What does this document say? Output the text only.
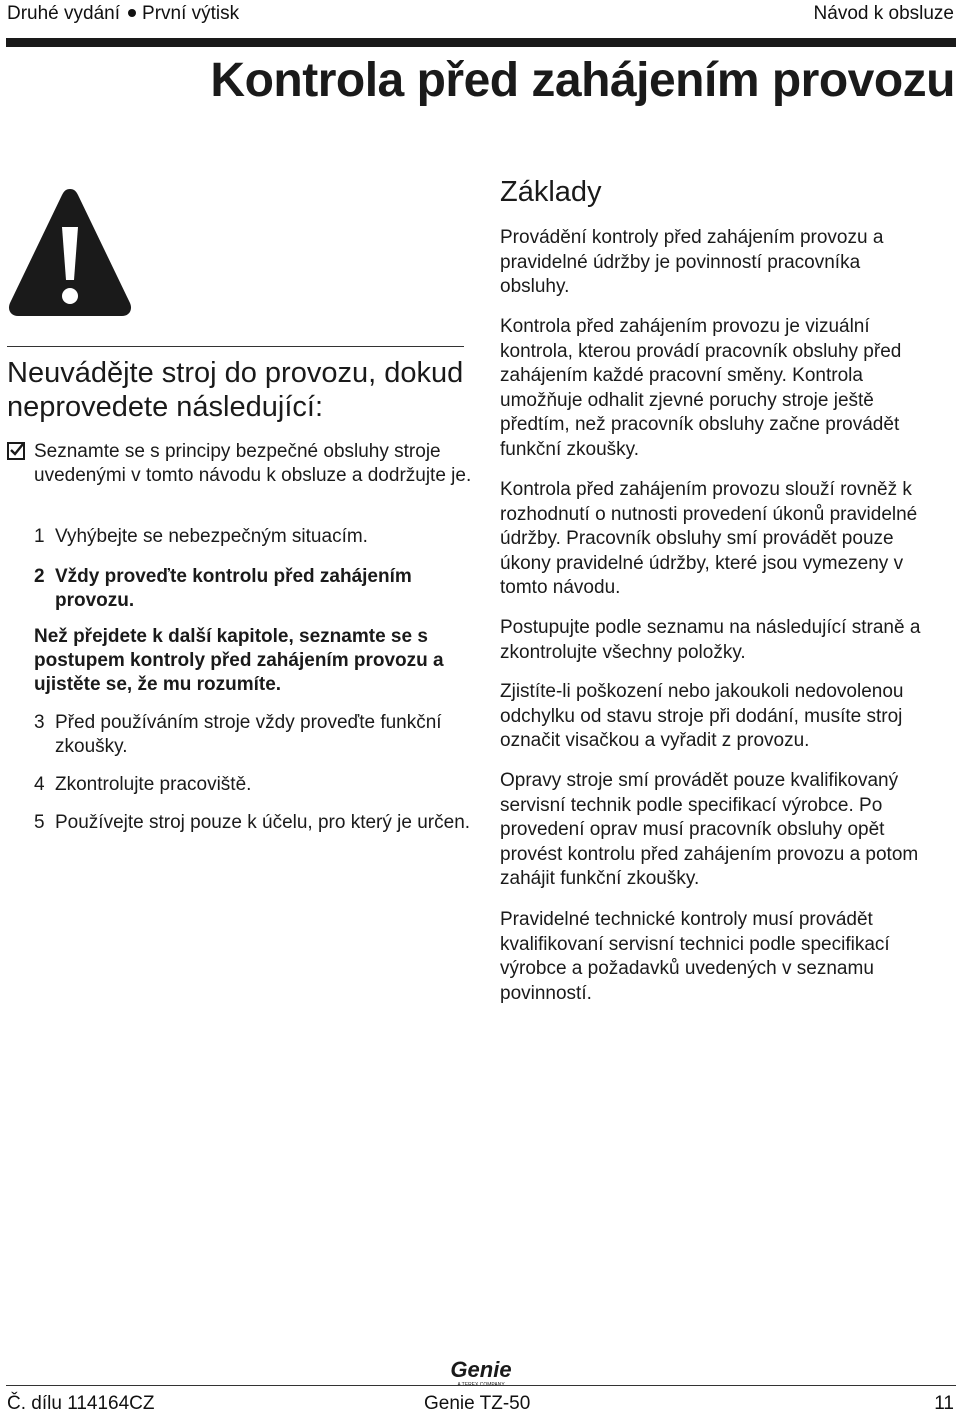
Druhé vydání První výtisk	Návod k obsluze
Kontrola před zahájením provozu
Neuvádějte stroj do provozu, dokud neprovedete následující:
Seznamte se s principy bezpečné obsluhy stroje uvedenými v tomto návodu k obsluze a dodržujte je.
1 Vyhýbejte se nebezpečným situacím.
2 Vždy proveďte kontrolu před zahájením provozu.
Než přejdete k další kapitole, seznamte se s postupem kontroly před zahájením provozu a ujistěte se, že mu rozumíte.
3 Před používáním stroje vždy proveďte funkční zkoušky.
4 Zkontrolujte pracoviště.
5 Používejte stroj pouze k účelu, pro který je určen.
Základy
Provádění kontroly před zahájením provozu a pravidelné údržby je povinností pracovníka obsluhy.
Kontrola před zahájením provozu je vizuální kontrola, kterou provádí pracovník obsluhy před zahájením každé pracovní směny. Kontrola umožňuje odhalit zjevné poruchy stroje ještě předtím, než pracovník obsluhy začne provádět funkční zkoušky.
Kontrola před zahájením provozu slouží rovněž k rozhodnutí o nutnosti provedení úkonů pravidelné údržby. Pracovník obsluhy smí provádět pouze úkony pravidelné údržby, které jsou vymezeny v tomto návodu.
Postupujte podle seznamu na následující straně a zkontrolujte všechny položky.
Zjistíte-li poškození nebo jakoukoli nedovolenou odchylku od stavu stroje při dodání, musíte stroj označit visačkou a vyřadit z provozu.
Opravy stroje smí provádět pouze kvalifikovaný servisní technik podle specifikací výrobce. Po provedení oprav musí pracovník obsluhy opět provést kontrolu před zahájením provozu a potom zahájit funkční zkoušky.
Pravidelné technické kontroly musí provádět kvalifikovaní servisní technici podle specifikací výrobce a požadavků uvedených v seznamu povinností.
Genie
Č. dílu 114164CZ	Genie TZ-50	11
